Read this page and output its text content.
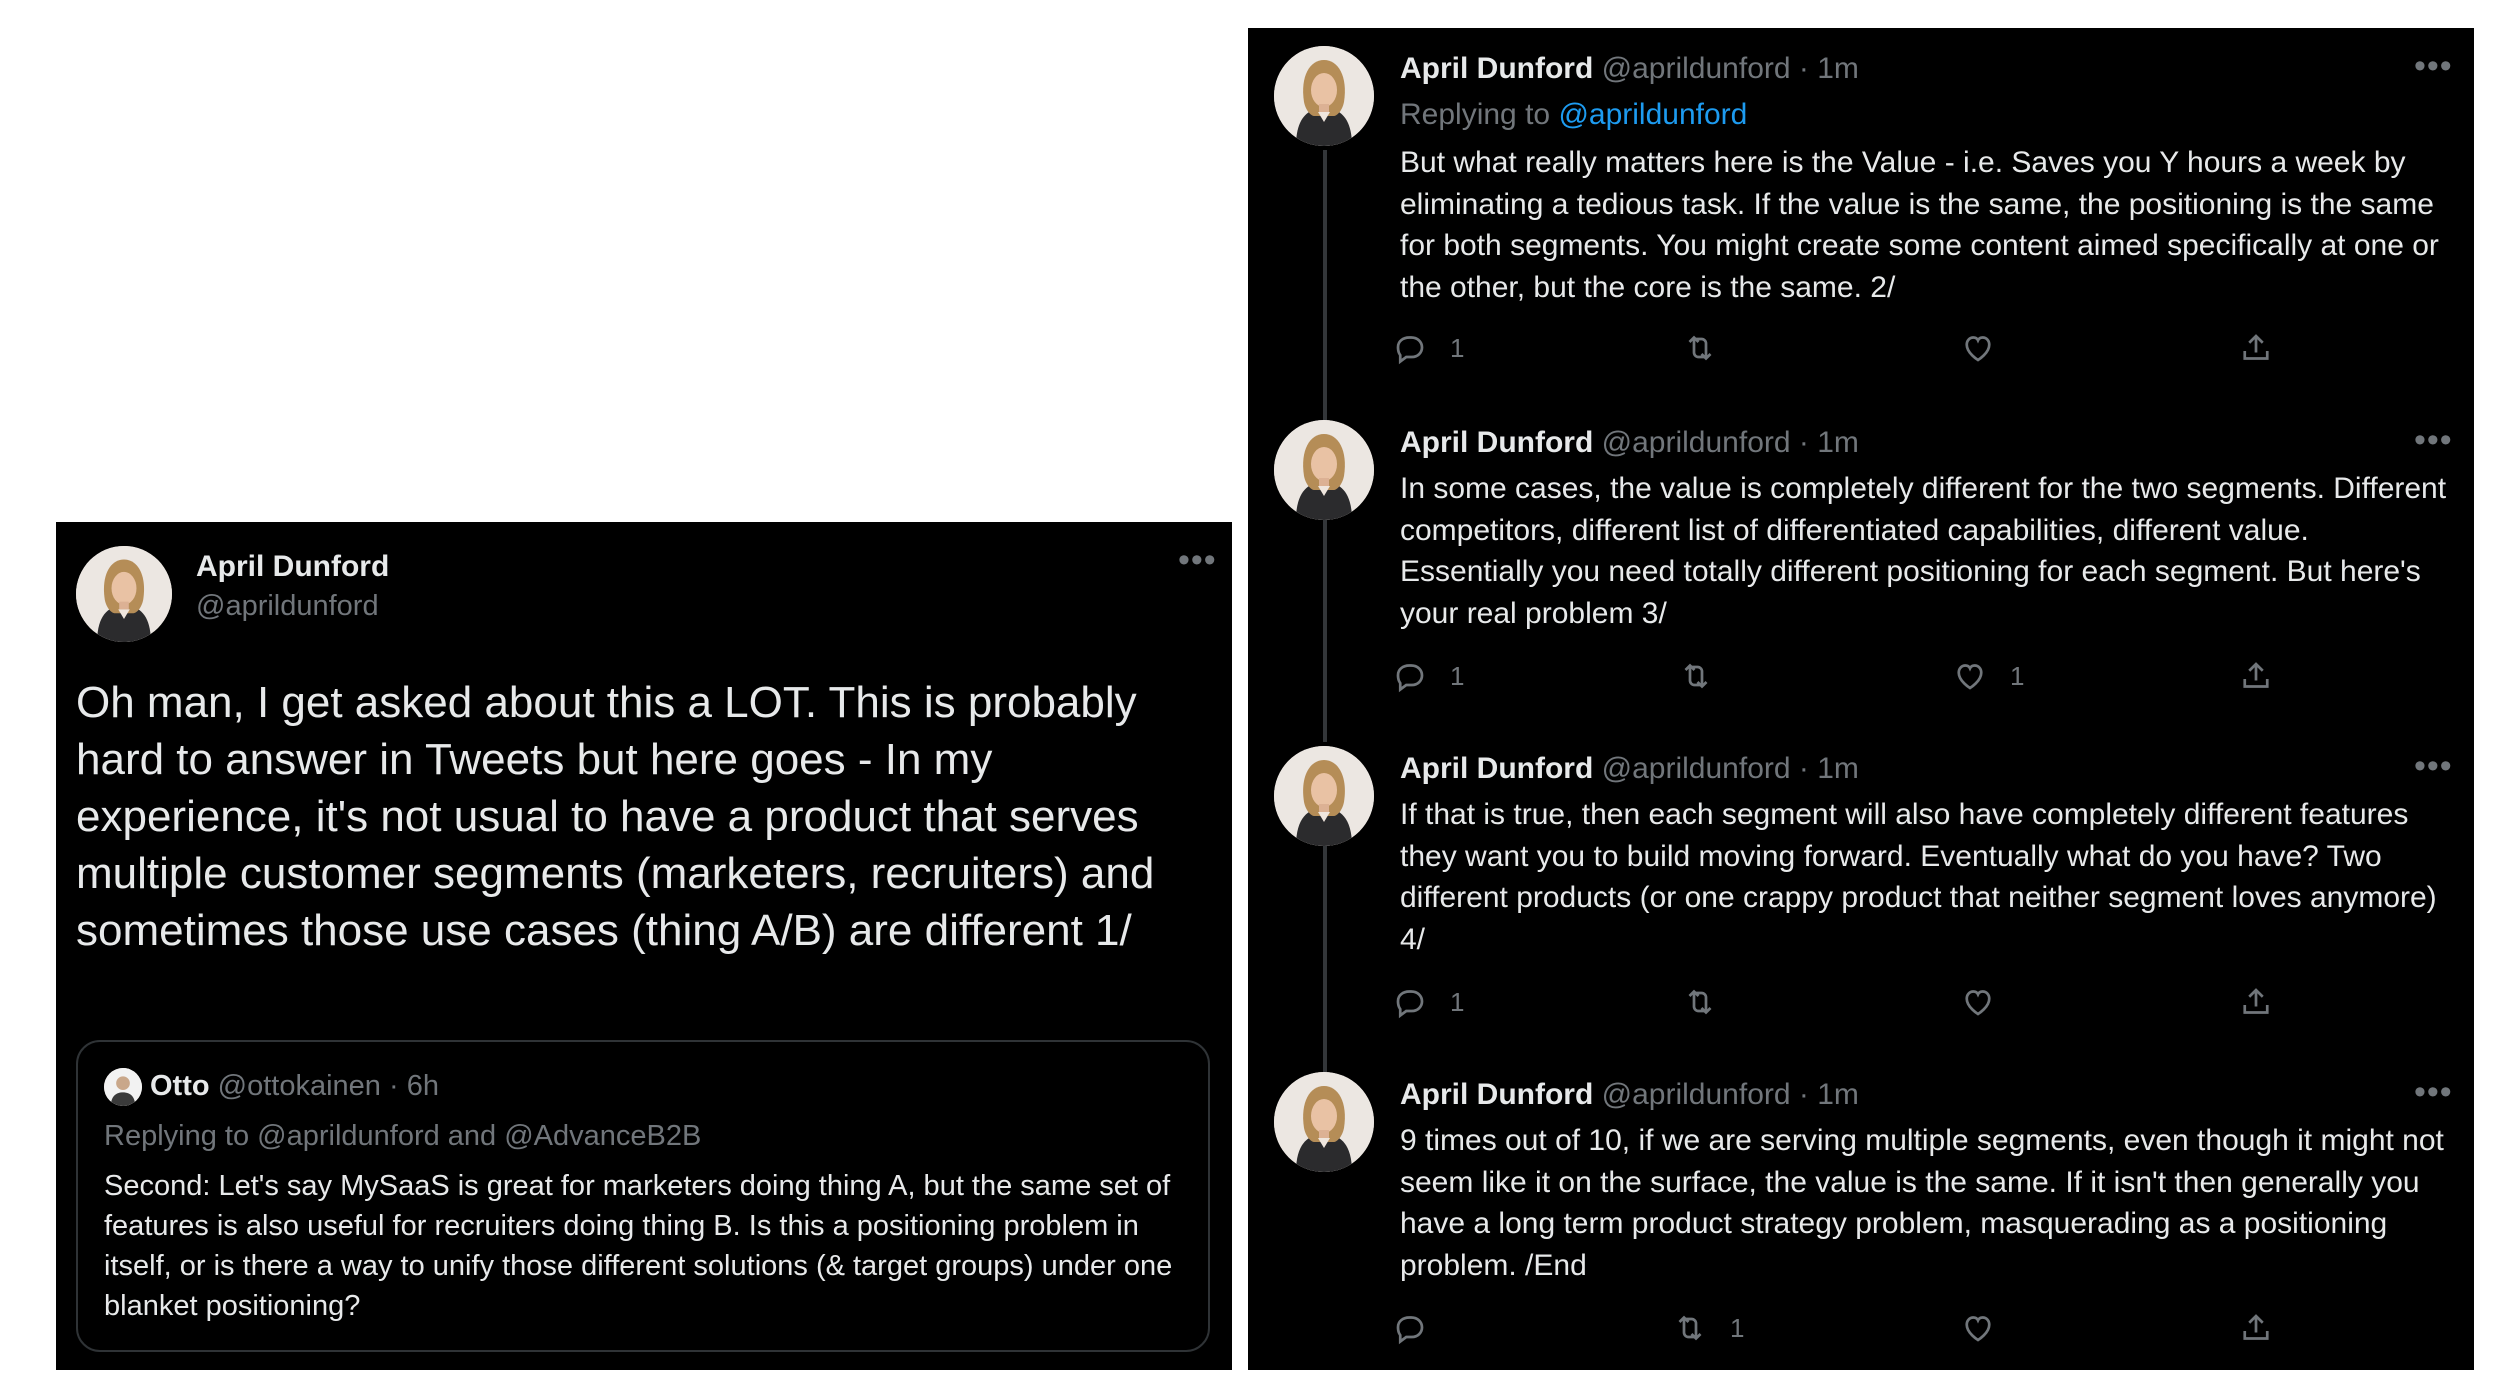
April Dunford
@aprildunford
•••
Oh man, I get asked about this a LOT. This is probably hard to answer in Tweets but here goes - In my experience, it's not usual to have a product that serves multiple customer segments (marketers, recruiters) and sometimes those use cases (thing A/B) are different 1/
Otto @ottokainen · 6h
Replying to @aprildunford and @AdvanceB2B
Second: Let's say MySaaS is great for marketers doing thing A, but the same set of features is also useful for recruiters doing thing B. Is this a positioning problem in itself, or is there a way to unify those different solutions (& target groups) under one blanket positioning?
April Dunford @aprildunford · 1m	•••
Replying to @aprildunford
But what really matters here is the Value - i.e. Saves you Y hours a week by eliminating a tedious task. If the value is the same, the positioning is the same for both segments. You might create some content aimed specifically at one or the other, but the core is the same. 2/
1
April Dunford @aprildunford · 1m	•••
In some cases, the value is completely different for the two segments. Different competitors, different list of differentiated capabilities, different value. Essentially you need totally different positioning for each segment. But here's your real problem 3/
1	1
April Dunford @aprildunford · 1m	•••
If that is true, then each segment will also have completely different features they want you to build moving forward. Eventually what do you have? Two different products (or one crappy product that neither segment loves anymore) 4/
1
April Dunford @aprildunford · 1m	•••
9 times out of 10, if we are serving multiple segments, even though it might not seem like it on the surface, the value is the same. If it isn't then generally you have a long term product strategy problem, masquerading as a positioning problem. /End
1
